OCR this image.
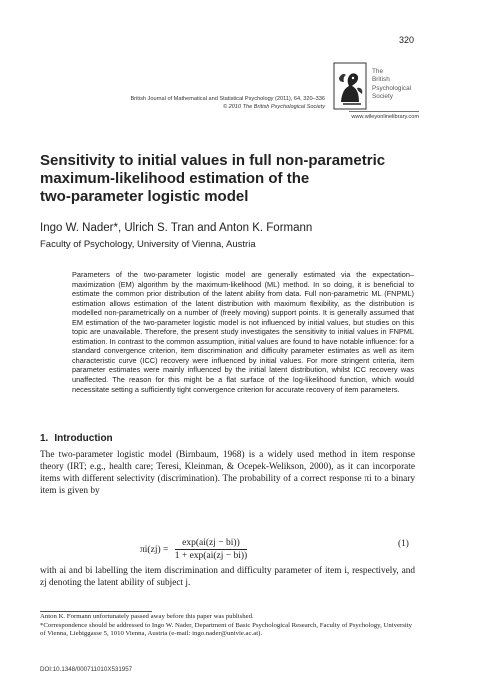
320
British Journal of Mathematical and Statistical Psychology (2011), 64, 320–336
© 2010 The British Psychological Society
The
British
Psychological
Society
www.wileyonlinelibrary.com
Sensitivity to initial values in full non-parametric
maximum-likelihood estimation of the
two-parameter logistic model
Ingo W. Nader*, Ulrich S. Tran and Anton K. Formann
Faculty of Psychology, University of Vienna, Austria
Parameters of the two-parameter logistic model are generally estimated via the expectation–maximization (EM) algorithm by the maximum-likelihood (ML) method. In so doing, it is beneficial to estimate the common prior distribution of the latent ability from data. Full non-parametric ML (FNPML) estimation allows estimation of the latent distribution with maximum flexibility, as the distribution is modelled non-parametrically on a number of (freely moving) support points. It is generally assumed that EM estimation of the two-parameter logistic model is not influenced by initial values, but studies on this topic are unavailable. Therefore, the present study investigates the sensitivity to initial values in FNPML estimation. In contrast to the common assumption, initial values are found to have notable influence: for a standard convergence criterion, item discrimination and difficulty parameter estimates as well as item characteristic curve (ICC) recovery were influenced by initial values. For more stringent criteria, item parameter estimates were mainly influenced by the initial latent distribution, whilst ICC recovery was unaffected. The reason for this might be a flat surface of the log-likelihood function, which would necessitate setting a sufficiently tight convergence criterion for accurate recovery of item parameters.
1. Introduction
The two-parameter logistic model (Birnbaum, 1968) is a widely used method in item response theory (IRT; e.g., health care; Teresi, Kleinman, & Ocepek-Welikson, 2000), as it can incorporate items with different selectivity (discrimination). The probability of a correct response πi to a binary item is given by
$\pi i(zj) = \frac{\exp(ai(zj - bi))}{1 + \exp(ai(zj - bi))}$	(1)
with ai and bi labelling the item discrimination and difficulty parameter of item i, respectively, and zj denoting the latent ability of subject j.
Anton K. Formann unfortunately passed away before this paper was published.
*Correspondence should be addressed to Ingo W. Nader, Department of Basic Psychological Research, Faculty of Psychology, University of Vienna, Liebiggasse 5, 1010 Vienna, Austria (e-mail: ingo.nader@univie.ac.at).
DOI:10.1348/000711010X531957
